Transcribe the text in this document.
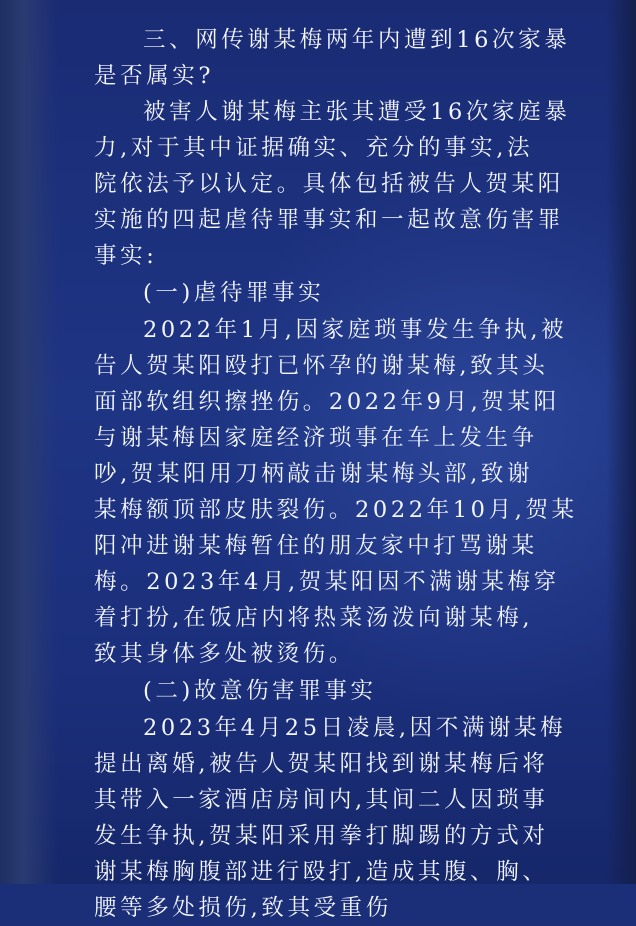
三、网传谢某梅两年内遭到16次家暴
是否属实?
被害人谢某梅主张其遭受16次家庭暴
力,对于其中证据确实、充分的事实,法
院依法予以认定。具体包括被告人贺某阳
实施的四起虐待罪事实和一起故意伤害罪
事实:
(一)虐待罪事实
2022年1月,因家庭琐事发生争执,被
告人贺某阳殴打已怀孕的谢某梅,致其头
面部软组织擦挫伤。2022年9月,贺某阳
与谢某梅因家庭经济琐事在车上发生争
吵,贺某阳用刀柄敲击谢某梅头部,致谢
某梅额顶部皮肤裂伤。2022年10月,贺某
阳冲进谢某梅暂住的朋友家中打骂谢某
梅。2023年4月,贺某阳因不满谢某梅穿
着打扮,在饭店内将热菜汤泼向谢某梅,
致其身体多处被烫伤。
(二)故意伤害罪事实
2023年4月25日凌晨,因不满谢某梅
提出离婚,被告人贺某阳找到谢某梅后将
其带入一家酒店房间内,其间二人因琐事
发生争执,贺某阳采用拳打脚踢的方式对
谢某梅胸腹部进行殴打,造成其腹、胸、
腰等多处损伤,致其受重伤
